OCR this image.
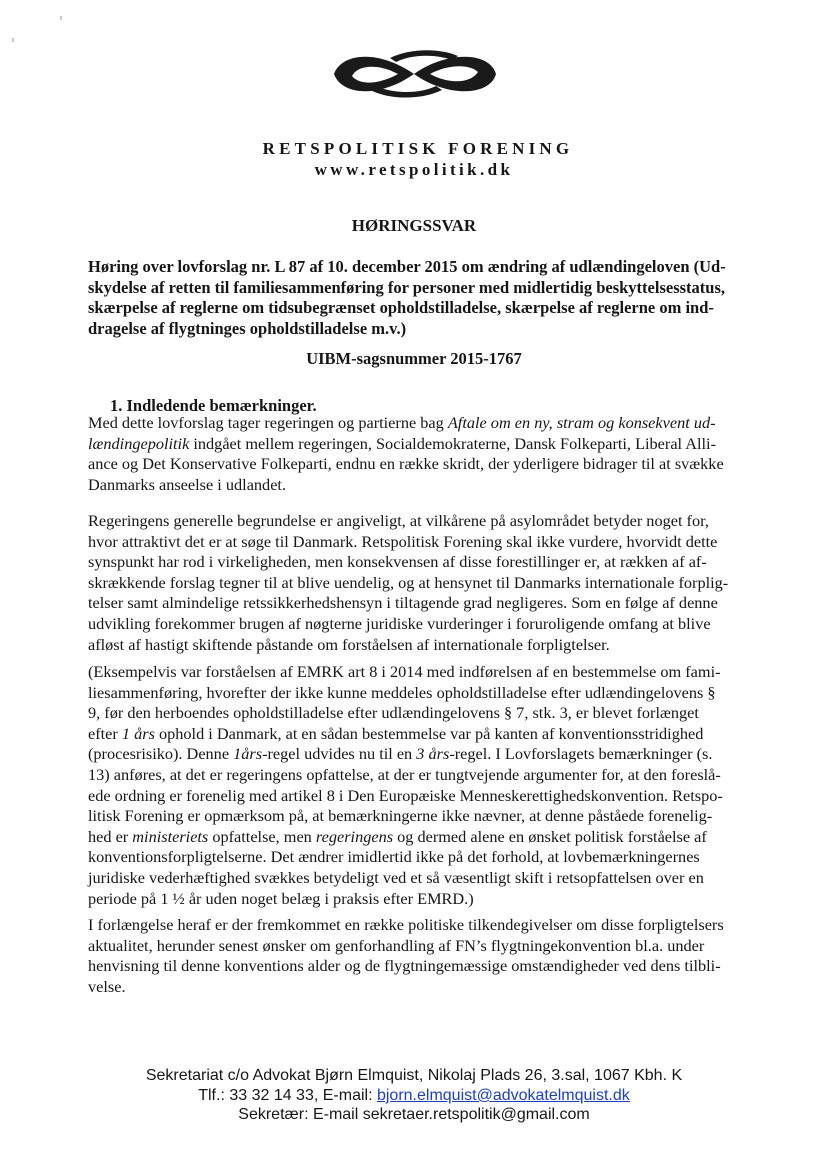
RETSPOLITISK FORENING
www.retspolitik.dk
HØRINGSSVAR
Høring over lovforslag nr. L 87 af 10. december 2015 om ændring af udlændingeloven (Ud-
skydelse af retten til familiesammenføring for personer med midlertidig beskyttelsesstatus,
skærpelse af reglerne om tidsubegrænset opholdstilladelse, skærpelse af reglerne om ind-
dragelse af flygtninges opholdstilladelse m.v.)
UIBM-sagsnummer 2015-1767
1. Indledende bemærkninger.
Med dette lovforslag tager regeringen og partierne bag Aftale om en ny, stram og konsekvent ud-
lændingepolitik indgået mellem regeringen, Socialdemokraterne, Dansk Folkeparti, Liberal Alli-
ance og Det Konservative Folkeparti, endnu en række skridt, der yderligere bidrager til at svække
Danmarks anseelse i udlandet.
Regeringens generelle begrundelse er angiveligt, at vilkårene på asylområdet betyder noget for,
hvor attraktivt det er at søge til Danmark. Retspolitisk Forening skal ikke vurdere, hvorvidt dette
synspunkt har rod i virkeligheden, men konsekvensen af disse forestillinger er, at rækken af af-
skrækkende forslag tegner til at blive uendelig, og at hensynet til Danmarks internationale forplig-
telser samt almindelige retssikkerhedshensyn i tiltagende grad negligeres. Som en følge af denne
udvikling forekommer brugen af nøgterne juridiske vurderinger i foruroligende omfang at blive
afløst af hastigt skiftende påstande om forståelsen af internationale forpligtelser.
(Eksempelvis var forståelsen af EMRK art 8 i 2014 med indførelsen af en bestemmelse om fami-
liesammenføring, hvorefter der ikke kunne meddeles opholdstilladelse efter udlændingelovens §
9, før den herboendes opholdstilladelse efter udlændingelovens § 7, stk. 3, er blevet forlænget
efter 1 års ophold i Danmark, at en sådan bestemmelse var på kanten af konventionsstridighed
(procesrisiko). Denne 1års-regel udvides nu til en 3 års-regel. I Lovforslagets bemærkninger (s.
13) anføres, at det er regeringens opfattelse, at der er tungtvejende argumenter for, at den foreslå-
ede ordning er forenelig med artikel 8 i Den Europæiske Menneskerettighedskonvention. Retspo-
litisk Forening er opmærksom på, at bemærkningerne ikke nævner, at denne påståede forenelig-
hed er ministeriets opfattelse, men regeringens og dermed alene en ønsket politisk forståelse af
konventionsforpligtelserne. Det ændrer imidlertid ikke på det forhold, at lovbemærkningernes
juridiske vederhæftighed svækkes betydeligt ved et så væsentligt skift i retsopfattelsen over en
periode på 1 ½ år uden noget belæg i praksis efter EMRD.)
I forlængelse heraf er der fremkommet en række politiske tilkendegivelser om disse forpligtelsers
aktualitet, herunder senest ønsker om genforhandling af FN’s flygtningekonvention bl.a. under
henvisning til denne konventions alder og de flygtningemæssige omstændigheder ved dens tilbli-
velse.
Sekretariat c/o Advokat Bjørn Elmquist, Nikolaj Plads 26, 3.sal, 1067 Kbh. K
Tlf.: 33 32 14 33, E-mail: bjorn.elmquist@advokatelmquist.dk
Sekretær: E-mail sekretaer.retspolitik@gmail.com
